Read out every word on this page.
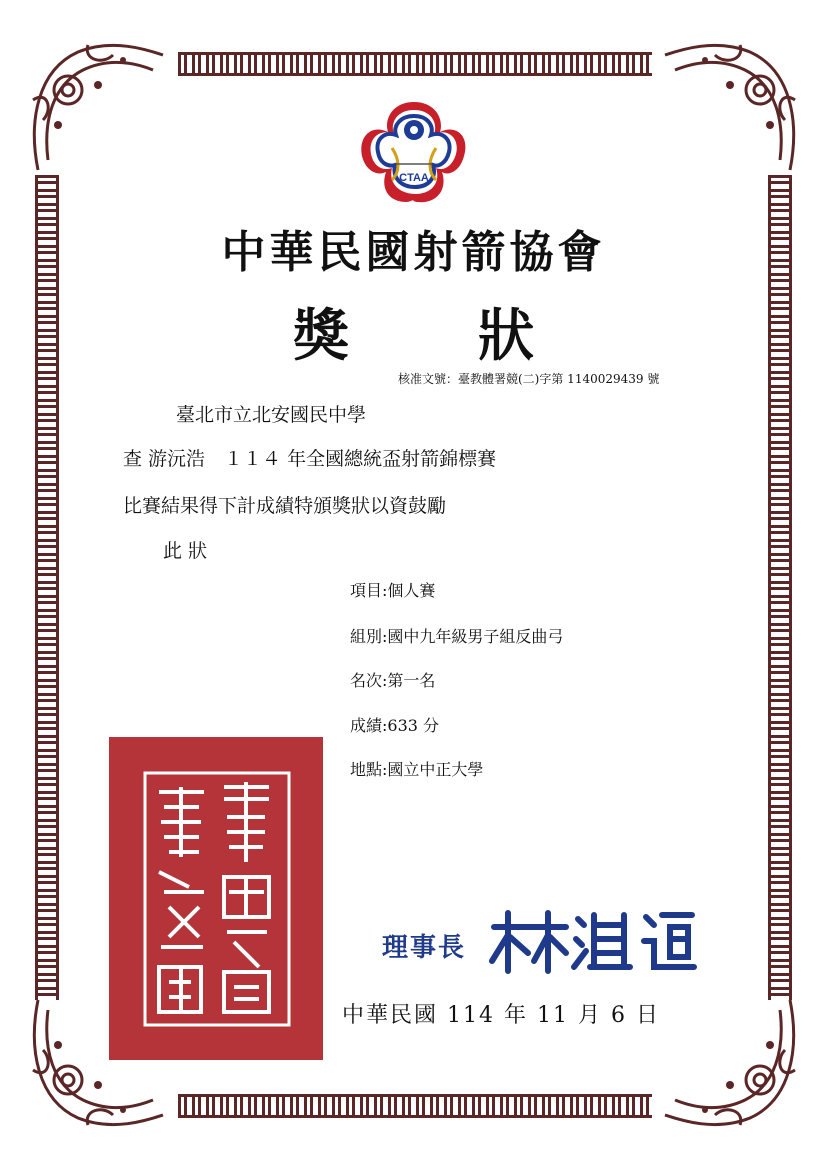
CTAA
中華民國射箭協會
獎 狀
核准文號：臺教體署競(二)字第 1140029439 號
臺北市立北安國民中學
查 游沅浩　１１４ 年全國總統盃射箭錦標賽
比賽結果得下計成績特頒獎狀以資鼓勵
此 狀
項目:個人賽
組別:國中九年級男子組反曲弓
名次:第一名
成績:633 分
地點:國立中正大學
理事長
中華民國 114 年 11 月 6 日
